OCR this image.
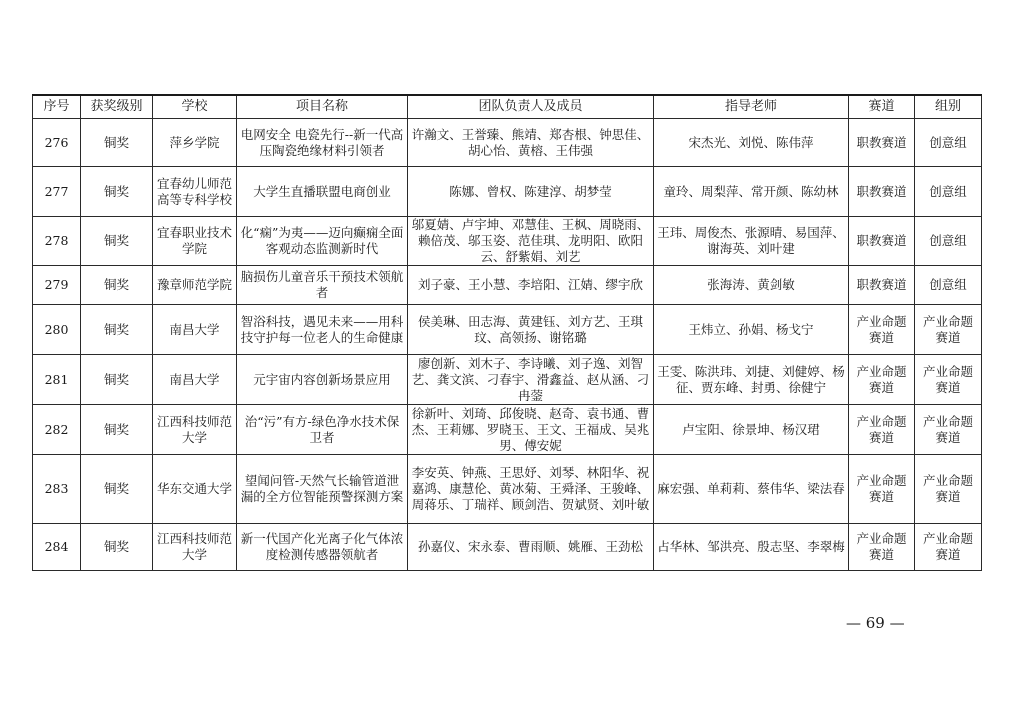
序号	获奖级别	学校	项目名称	团队负责人及成员	指导老师	赛道	组别
276	铜奖	萍乡学院	电网安全 电瓷先行--新一代高压陶瓷绝缘材料引领者	许瀚文、王誉臻、熊靖、郑杏根、钟思佳、胡心怡、黄榕、王伟强	宋杰光、刘悦、陈伟萍	职教赛道	创意组
277	铜奖	宜春幼儿师范高等专科学校	大学生直播联盟电商创业	陈娜、曾权、陈建淳、胡梦莹	童玲、周梨萍、常开颜、陈幼林	职教赛道	创意组
278	铜奖	宜春职业技术学院	化“痫”为夷——迈向癫痫全面客观动态监测新时代	邬夏婧、卢宇坤、邓慧佳、王枫、周晓雨、赖倍茂、邬玉姿、范佳琪、龙明阳、欧阳云、舒紫娟、刘艺	王玮、周俊杰、张源晴、易国萍、谢海英、刘叶建	职教赛道	创意组
279	铜奖	豫章师范学院	脑损伤儿童音乐干预技术领航者	刘子豪、王小慧、李培阳、江婧、缪宇欣	张海涛、黄剑敏	职教赛道	创意组
280	铜奖	南昌大学	智浴科技，遇见未来——用科技守护每一位老人的生命健康	侯美琳、田志海、黄建钰、刘方艺、王琪玟、高领扬、谢铭璐	王炜立、孙娟、杨戈宁	产业命题赛道	产业命题赛道
281	铜奖	南昌大学	元宇宙内容创新场景应用	廖创新、刘木子、李诗曦、刘子逸、刘智艺、龚文滨、刁春宇、滑鑫益、赵从涵、刁冉蓥	王雯、陈洪玮、刘捷、刘健婷、杨征、贾东峰、封勇、徐健宁	产业命题赛道	产业命题赛道
282	铜奖	江西科技师范大学	治“污”有方-绿色净水技术保卫者	徐新叶、刘琦、邱俊晓、赵奇、袁书通、曹杰、王莉娜、罗晓玉、王文、王福成、吴兆男、傅安妮	卢宝阳、徐景坤、杨汉珺	产业命题赛道	产业命题赛道
283	铜奖	华东交通大学	望闻问管-天然气长输管道泄漏的全方位智能预警探测方案	李安英、钟燕、王思妤、刘琴、林阳华、祝嘉鸿、康慧伦、黄冰菊、王舜泽、王骏峰、周蒋乐、丁瑞祥、顾剑浩、贺斌贤、刘叶敏	麻宏强、单莉莉、蔡伟华、梁法春	产业命题赛道	产业命题赛道
284	铜奖	江西科技师范大学	新一代国产化光离子化气体浓度检测传感器领航者	孙嘉仪、宋永泰、曹雨顺、姚雁、王劲松	占华林、邹洪亮、殷志坚、李翠梅	产业命题赛道	产业命题赛道
— 69 —
